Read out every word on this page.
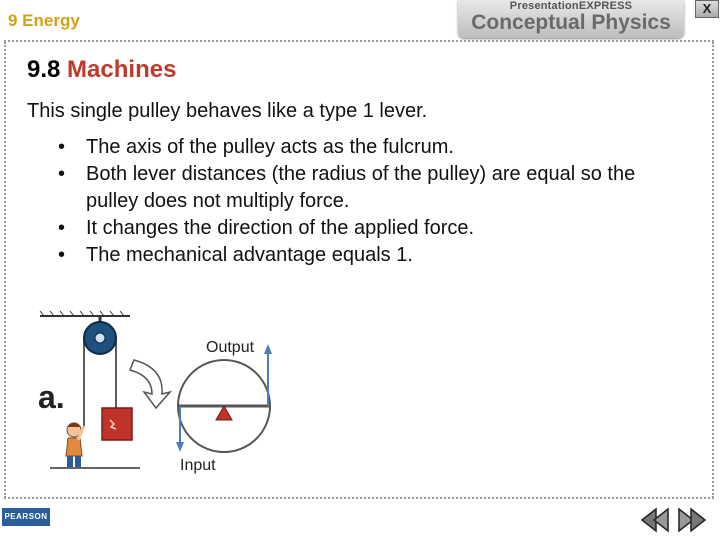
9 Energy
PresentationEXPRESS
Conceptual Physics
X
9.8 Machines
This single pulley behaves like a type 1 lever.
• The axis of the pulley acts as the fulcrum.
• Both lever distances (the radius of the pulley) are equal so the pulley does not multiply force.
• It changes the direction of the applied force.
• The mechanical advantage equals 1.
a.
Output
Input
PEARSON
